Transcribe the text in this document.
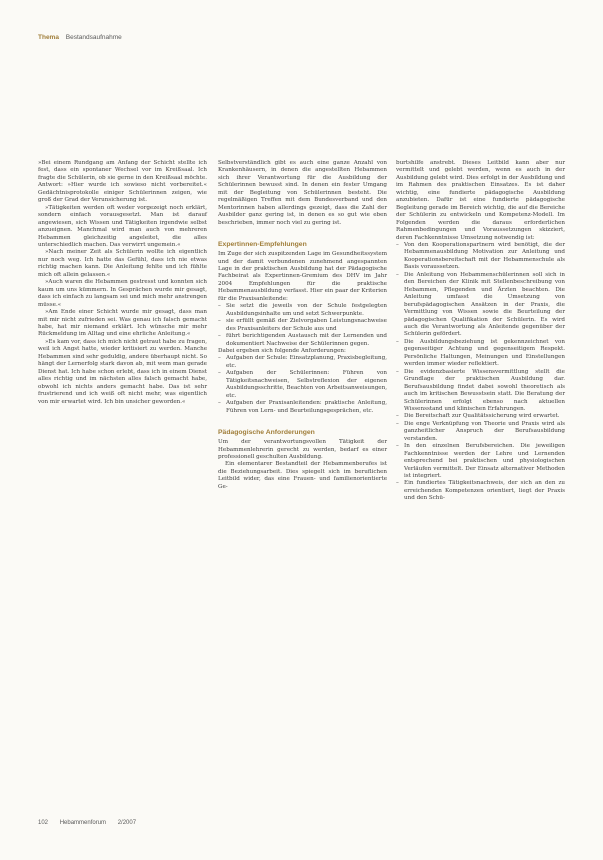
Thema Bestandsaufnahme

»Bei einem Rundgang am Anfang der Schicht stellte ich fest, dass ein spontaner Wechsel vor im Kreißsaal. Ich fragte die Schülerin, ob sie gerne in den Kreißsaal möchte. Antwort: »Hier wurde ich sowieso nicht vorbereitet.« Gedächtnisprotokolle einiger Schülerinnen zeigen, wie groß der Grad der Verunsicherung ist.

»Tätigkeiten werden oft weder vorgezeigt noch erklärt, sondern einfach vorausgesetzt. Man ist darauf angewiesen, sich Wissen und Tätigkeiten irgendwie selbst anzueignen. Manchmal wird man auch von mehreren Hebammen gleichzeitig angeleitet, die alles unterschiedlich machen. Das verwirrt ungemein.«

»Nach meiner Zeit als Schülerin wollte ich eigentlich nur noch weg. Ich hatte das Gefühl, dass ich nie etwas richtig machen kann. Die Anleitung fehlte und ich fühlte mich oft allein gelassen.«

»Auch waren die Hebammen gestresst und konnten sich kaum um uns kümmern. In Gesprächen wurde mir gesagt, dass ich einfach zu langsam sei und mich mehr anstrengen müsse.«

»Am Ende einer Schicht wurde mir gesagt, dass man mit mir nicht zufrieden sei. Was genau ich falsch gemacht habe, hat mir niemand erklärt. Ich wünsche mir mehr Rückmeldung im Alltag und eine ehrliche Anleitung.«

»Es kam vor, dass ich mich nicht getraut habe zu fragen, weil ich Angst hatte, wieder kritisiert zu werden. Manche Hebammen sind sehr geduldig, andere überhaupt nicht. So hängt der Lernerfolg stark davon ab, mit wem man gerade Dienst hat. Ich habe schon erlebt, dass ich in einem Dienst alles richtig und im nächsten alles falsch gemacht habe, obwohl ich nichts anders gemacht habe. Das ist sehr frustrierend und ich weiß oft nicht mehr, was eigentlich von mir erwartet wird. Ich bin unsicher geworden.«

Selbstverständlich gibt es auch eine ganze Anzahl von Krankenhäusern, in denen die angestellten Hebammen sich ihrer Verantwortung für die Ausbildung der Schülerinnen bewusst sind. In denen ein fester Umgang mit der Begleitung von Schülerinnen besteht. Die regelmäßigen Treffen mit dem Bundesverband und den Mentorinnen haben allerdings gezeigt, dass die Zahl der Ausbilder ganz gering ist, in denen es so gut wie eben beschrieben, immer noch viel zu gering ist.

Expertinnen-Empfehlungen

Im Zuge der sich zuspitzenden Lage im Gesundheitssystem und der damit verbundenen zunehmend angespannten Lage in der praktischen Ausbildung hat der Pädagogische Fachbeirat als Expertinnen-Gremium des DHV im Jahr 2004 Empfehlungen für die praktische Hebammenausbildung verfasst. Hier ein paar der Kriterien für die Praxisanleitende:

– Sie setzt die jeweils von der Schule festgelegten Ausbildungsinhalte um und setzt Schwerpunkte.
– sie erfüllt gemäß der Zielvorgaben Leistungsnachweise des Praxisanleiters der Schule aus und
– führt berichtigenden Austausch mit der Lernenden und dokumentiert Nachweise der Schülerinnen gegen.

Dabei ergeben sich folgende Anforderungen:

– Aufgaben der Schule: Einsatzplanung, Praxisbegleitung, etc.
– Aufgaben der Schülerinnen: Führen von Tätigkeitsnachweisen, Selbstreflexion der eigenen Ausbildungsschritte, Beachten von Arbeitsanweisungen, etc.
– Aufgaben der Praxisanleitenden: praktische Anleitung, Führen von Lern- und Beurteilungsgesprächen, etc.
Pädagogische Anforderungen

Um der verantwortungsvollen Tätigkeit der Hebammenlehrerin gerecht zu werden, bedarf es einer professionell geschulten Ausbildung.

Ein elementarer Bestandteil der Hebammenberufes ist die Beziehungsarbeit. Dies spiegelt sich im beruflichen Leitbild wider, das eine Frauen- und familienorientierte Ge-

burtshilfe anstrebt. Dieses Leitbild kann aber nur vermittelt und gelebt werden, wenn es auch in der Ausbildung gelebt wird. Dies erfolgt in der Ausbildung und im Rahmen des praktischen Einsatzes. Es ist daher wichtig, eine fundierte pädagogische Ausbildung anzubieten. Dafür ist eine fundierte pädagogische Begleitung gerade im Bereich wichtig, die auf die Bereiche der Schülerin zu entwickeln und Kompetenz-Modell. Im Folgenden werden die daraus erforderlichen Rahmenbedingungen und Voraussetzungen skizziert, deren Fachkenntnisse Umsetzung notwendig ist:

– Von den Kooperationspartnern wird benötigt, die der Hebammenausbildung Motivation zur Anleitung und Kooperationsbereitschaft mit der Hebammenschule als Basis voraussetzen.
– Die Anleitung von Hebammenschülerinnen soll sich in den Bereichen der Klinik mit Stellenbeschreibung von Hebammen, Pflegenden und Ärzten beachten. Die Anleitung umfasst die Umsetzung von berufspädagogischen Ansätzen in der Praxis, die Vermittlung von Wissen sowie die Beurteilung der pädagogischen Qualifikation der Schülerin. Es wird auch die Verantwortung als Anleitende gegenüber der Schülerin gefördert.
– Die Ausbildungsbeziehung ist gekennzeichnet von gegenseitiger Achtung und gegenseitigem Respekt. Persönliche Haltungen, Meinungen und Einstellungen werden immer wieder reflektiert.
– Die evidenzbasierte Wissensvermittlung stellt die Grundlage der praktischen Ausbildung dar. Berufsausbildung findet dabei sowohl theoretisch als auch im kritischen Bewusstsein statt. Die Beratung der Schülerinnen erfolgt ebenso nach aktuellen Wissensstand und klinischen Erfahrungen.
– Die Bereitschaft zur Qualitätssicherung wird erwartet.
– Die enge Verknüpfung von Theorie und Praxis wird als ganzheitlicher Anspruch der Berufsausbildung verstanden.
– In den einzelnen Berufsbereichen. Die jeweiligen Fachkenntnisse werden der Lehre und Lernenden entsprechend bei praktischen und physiologischen Verläufen vermittelt. Der Einsatz alternativer Methoden ist integriert.
– Ein fundiertes Tätigkeitsnachweis, der sich an den zu erreichenden Kompetenzen orientiert, liegt der Praxis und den Schü-
102 Hebammenforum 2/2007
